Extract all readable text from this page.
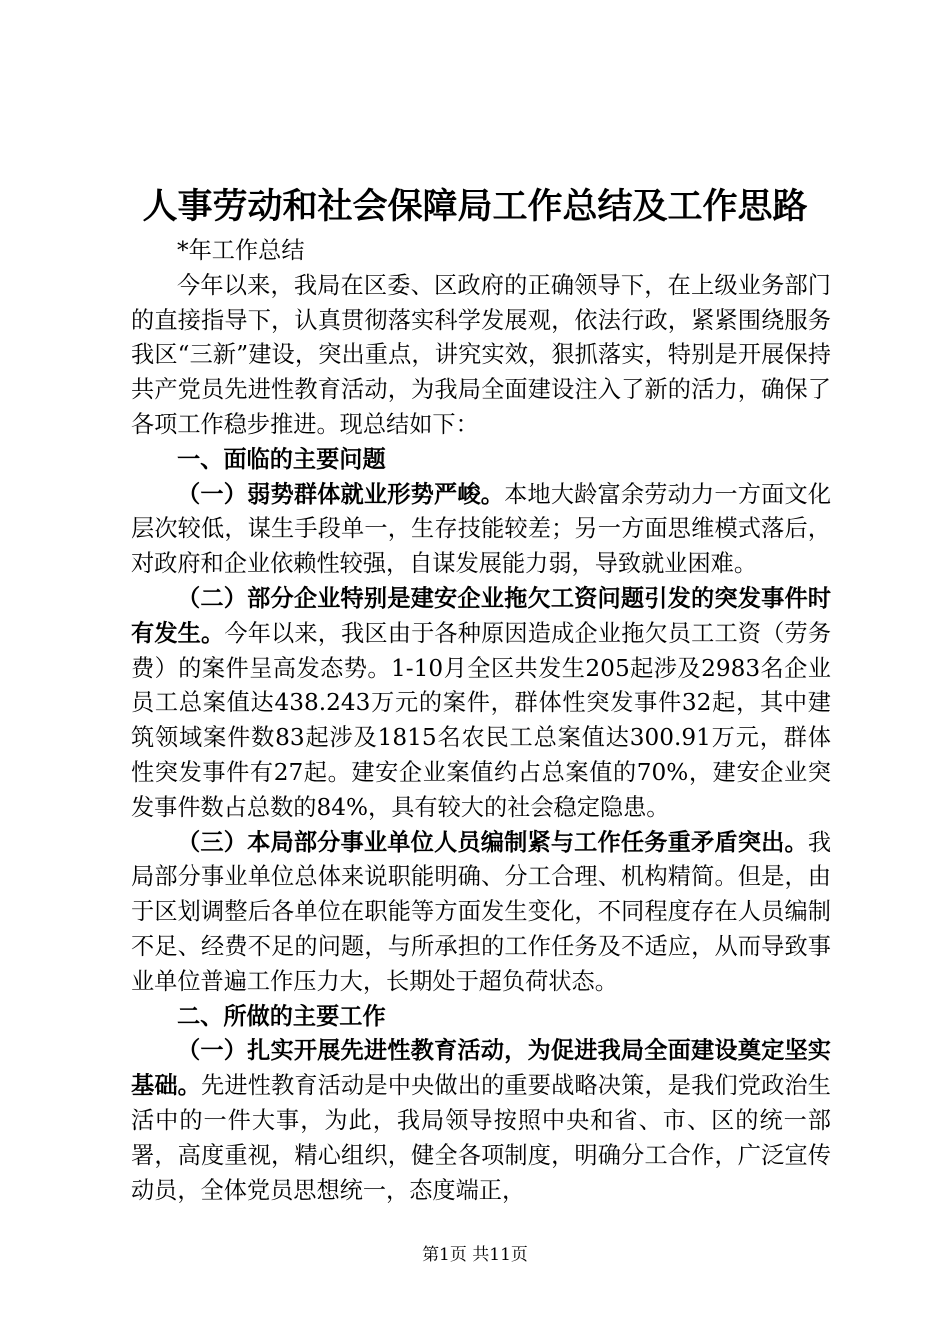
人事劳动和社会保障局工作总结及工作思路

*年工作总结

今年以来，我局在区委、区政府的正确领导下，在上级业务部门的直接指导下，认真贯彻落实科学发展观，依法行政，紧紧围绕服务我区“三新”建设，突出重点，讲究实效，狠抓落实，特别是开展保持共产党员先进性教育活动，为我局全面建设注入了新的活力，确保了各项工作稳步推进。现总结如下：

一、面临的主要问题

（一）弱势群体就业形势严峻。本地大龄富余劳动力一方面文化层次较低，谋生手段单一，生存技能较差；另一方面思维模式落后，对政府和企业依赖性较强，自谋发展能力弱，导致就业困难。

（二）部分企业特别是建安企业拖欠工资问题引发的突发事件时有发生。今年以来，我区由于各种原因造成企业拖欠员工工资（劳务费）的案件呈高发态势。1-10月全区共发生205起涉及2983名企业员工总案值达438.243万元的案件，群体性突发事件32起，其中建筑领域案件数83起涉及1815名农民工总案值达300.91万元，群体性突发事件有27起。建安企业案值约占总案值的70%，建安企业突发事件数占总数的84%，具有较大的社会稳定隐患。

（三）本局部分事业单位人员编制紧与工作任务重矛盾突出。我局部分事业单位总体来说职能明确、分工合理、机构精简。但是，由于区划调整后各单位在职能等方面发生变化，不同程度存在人员编制不足、经费不足的问题，与所承担的工作任务及不适应，从而导致事业单位普遍工作压力大，长期处于超负荷状态。

二、所做的主要工作

（一）扎实开展先进性教育活动，为促进我局全面建设奠定坚实基础。先进性教育活动是中央做出的重要战略决策，是我们党政治生活中的一件大事，为此，我局领导按照中央和省、市、区的统一部署，高度重视，精心组织，健全各项制度，明确分工合作，广泛宣传动员，全体党员思想统一，态度端正，

第1页 共11页
